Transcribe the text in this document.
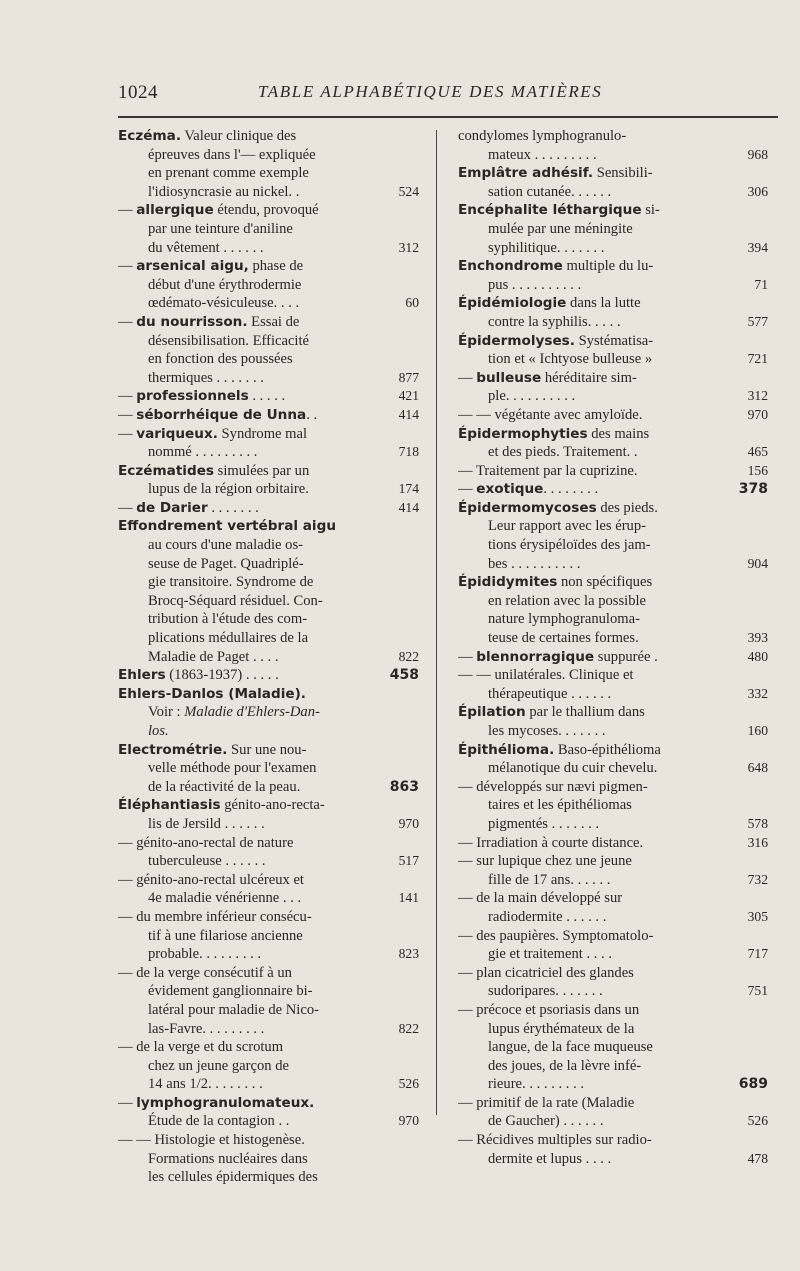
1024	TABLE ALPHABÉTIQUE DES MATIÈRES
Eczéma. Valeur clinique des
épreuves dans l'— expliquée
en prenant comme exemple
l'idiosyncrasie au nickel. .	524
— allergique étendu, provoqué
par une teinture d'aniline
du vêtement . . . . . .	312
— arsenical aigu, phase de
début d'une érythrodermie
œdémato-vésiculeuse. . . .	60
— du nourrisson. Essai de
désensibilisation. Efficacité
en fonction des poussées
thermiques . . . . . . .	877
— professionnels . . . . .	421
— séborrhéique de Unna. .	414
— variqueux. Syndrome mal
nommé . . . . . . . . .	718
Eczématides simulées par un
lupus de la région orbitaire.	174
— de Darier . . . . . . .	414
Effondrement vertébral aigu
au cours d'une maladie os-
seuse de Paget. Quadriplé-
gie transitoire. Syndrome de
Brocq-Séquard résiduel. Con-
tribution à l'étude des com-
plications médullaires de la
Maladie de Paget . . . .	822
Ehlers (1863-1937) . . . . .	458
Ehlers-Danlos (Maladie).
Voir : Maladie d'Ehlers-Dan-
los.
Electrométrie. Sur une nou-
velle méthode pour l'examen
de la réactivité de la peau.	863
Éléphantiasis génito-ano-recta-
lis de Jersild . . . . . .	970
— génito-ano-rectal de nature
tuberculeuse . . . . . .	517
— génito-ano-rectal ulcéreux et
4e maladie vénérienne . . .	141
— du membre inférieur consécu-
tif à une filariose ancienne
probable. . . . . . . . .	823
— de la verge consécutif à un
évidement ganglionnaire bi-
latéral pour maladie de Nico-
las-Favre. . . . . . . . .	822
— de la verge et du scrotum
chez un jeune garçon de
14 ans 1/2. . . . . . . .	526
— lymphogranulomateux.
Étude de la contagion . .	970
— — Histologie et histogenèse.
Formations nucléaires dans
les cellules épidermiques des
condylomes lymphogranulo-
mateux . . . . . . . . .	968
Emplâtre adhésif. Sensibili-
sation cutanée. . . . . .	306
Encéphalite léthargique si-
mulée par une méningite
syphilitique. . . . . . .	394
Enchondrome multiple du lu-
pus . . . . . . . . . .	71
Épidémiologie dans la lutte
contre la syphilis. . . . .	577
Épidermolyses. Systématisa-
tion et « Ichtyose bulleuse »	721
— bulleuse héréditaire sim-
ple. . . . . . . . . .	312
— — végétante avec amyloïde.	970
Épidermophyties des mains
et des pieds. Traitement. .	465
— Traitement par la cuprizine.	156
— exotique. . . . . . . .	378
Épidermomycoses des pieds.
Leur rapport avec les érup-
tions érysipéloïdes des jam-
bes . . . . . . . . . .	904
Épididymites non spécifiques
en relation avec la possible
nature lymphogranuloma-
teuse de certaines formes.	393
— blennorragique suppurée .	480
— — unilatérales. Clinique et
thérapeutique . . . . . .	332
Épilation par le thallium dans
les mycoses. . . . . . .	160
Épithélioma. Baso-épithélioma
mélanotique du cuir chevelu.	648
— développés sur nævi pigmen-
taires et les épithéliomas
pigmentés . . . . . . .	578
— Irradiation à courte distance.	316
— sur lupique chez une jeune
fille de 17 ans. . . . . .	732
— de la main développé sur
radiodermite . . . . . .	305
— des paupières. Symptomatolo-
gie et traitement . . . .	717
— plan cicatriciel des glandes
sudoripares. . . . . . .	751
— précoce et psoriasis dans un
lupus érythémateux de la
langue, de la face muqueuse
des joues, de la lèvre infé-
rieure. . . . . . . . .	689
— primitif de la rate (Maladie
de Gaucher) . . . . . .	526
— Récidives multiples sur radio-
dermite et lupus . . . .	478
